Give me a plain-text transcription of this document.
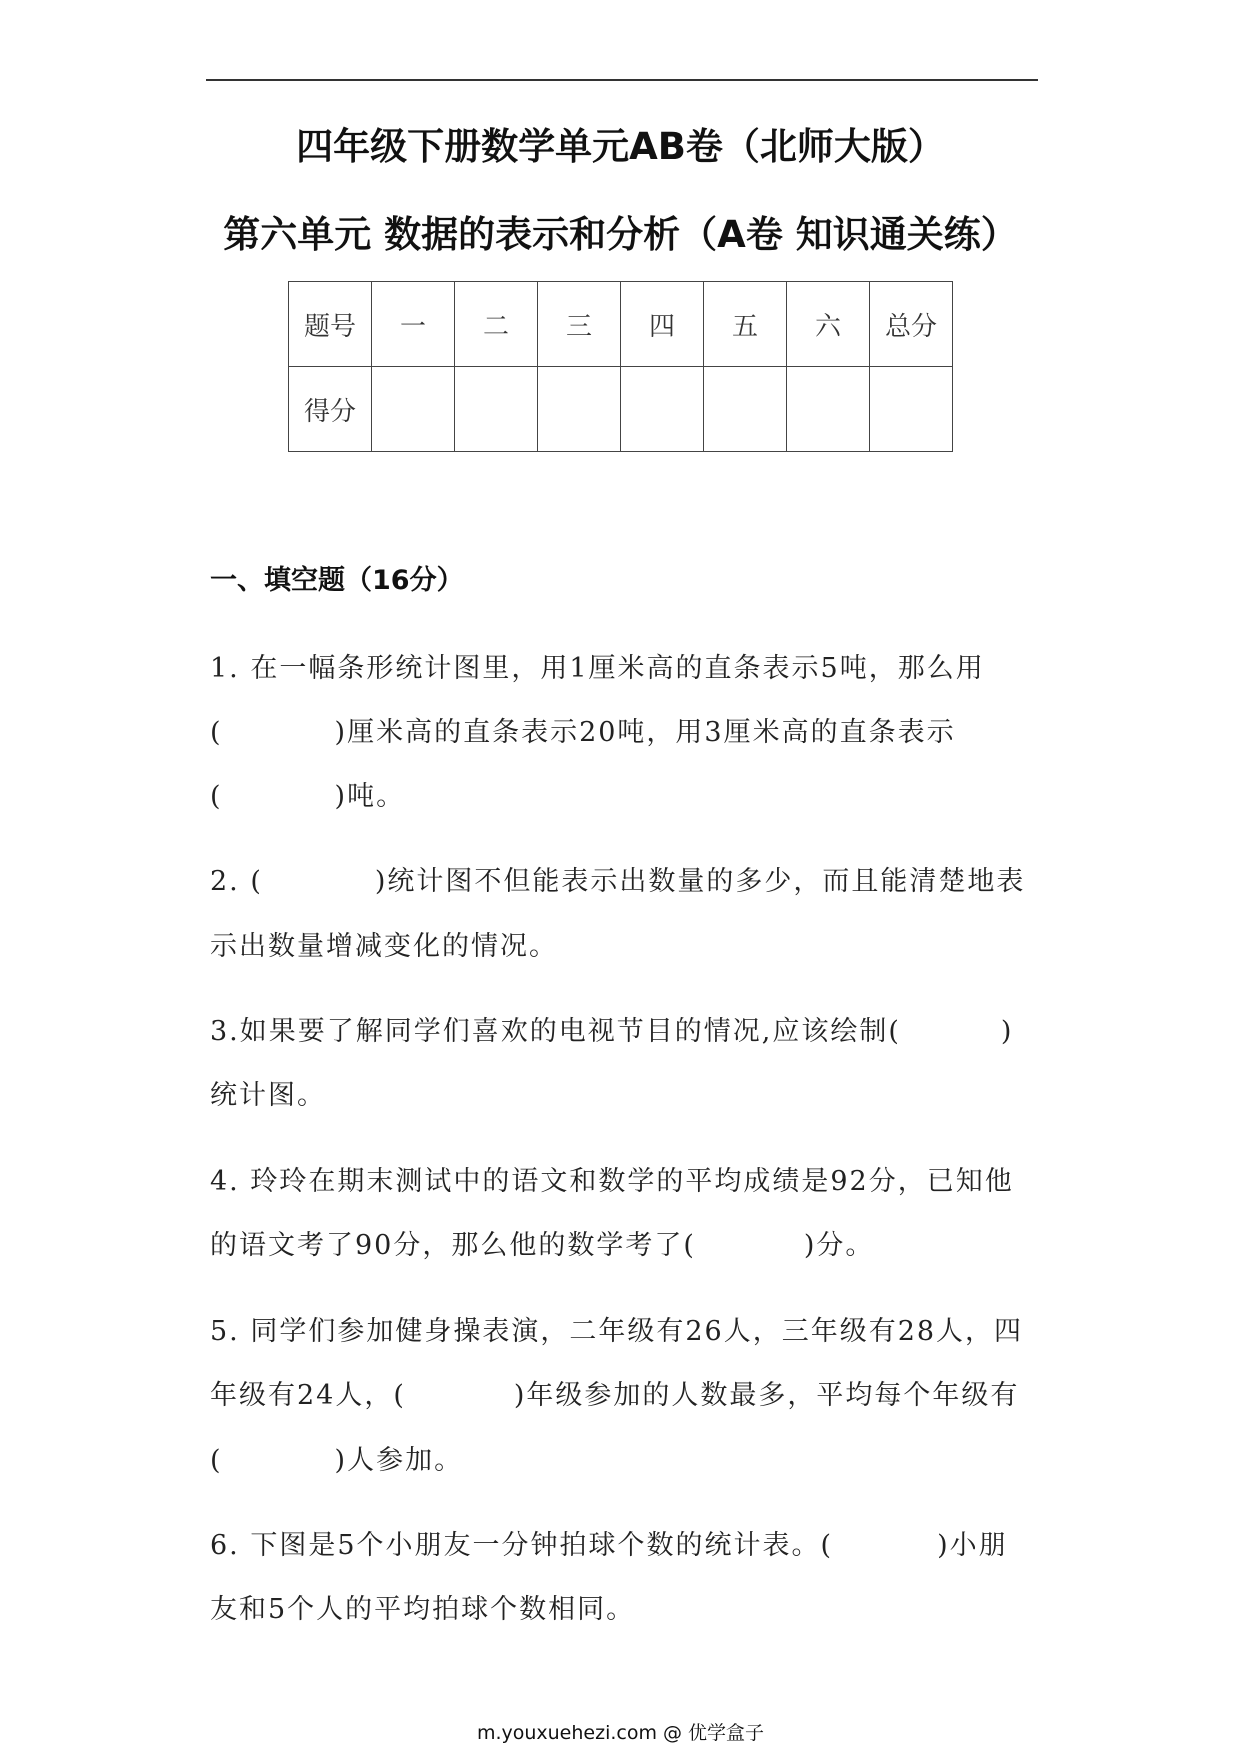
四年级下册数学单元AB卷（北师大版）
第六单元 数据的表示和分析（A卷 知识通关练）
题号	一	二	三	四	五	六	总分
得分							
一、填空题（16分）
1. 在一幅条形统计图里，用1厘米高的直条表示5吨，那么用
(	)厘米高的直条表示20吨，用3厘米高的直条表示
(	)吨。
2. (	)统计图不但能表示出数量的多少，而且能清楚地表
示出数量增减变化的情况。
3.如果要了解同学们喜欢的电视节目的情况,应该绘制(	)
统计图。
4. 玲玲在期末测试中的语文和数学的平均成绩是92分，已知他
的语文考了90分，那么他的数学考了(	)分。
5. 同学们参加健身操表演，二年级有26人，三年级有28人，四
年级有24人，(	)年级参加的人数最多，平均每个年级有
(	)人参加。
6. 下图是5个小朋友一分钟拍球个数的统计表。(	)小朋
友和5个人的平均拍球个数相同。
m.youxuehezi.com @ 优学盒子
